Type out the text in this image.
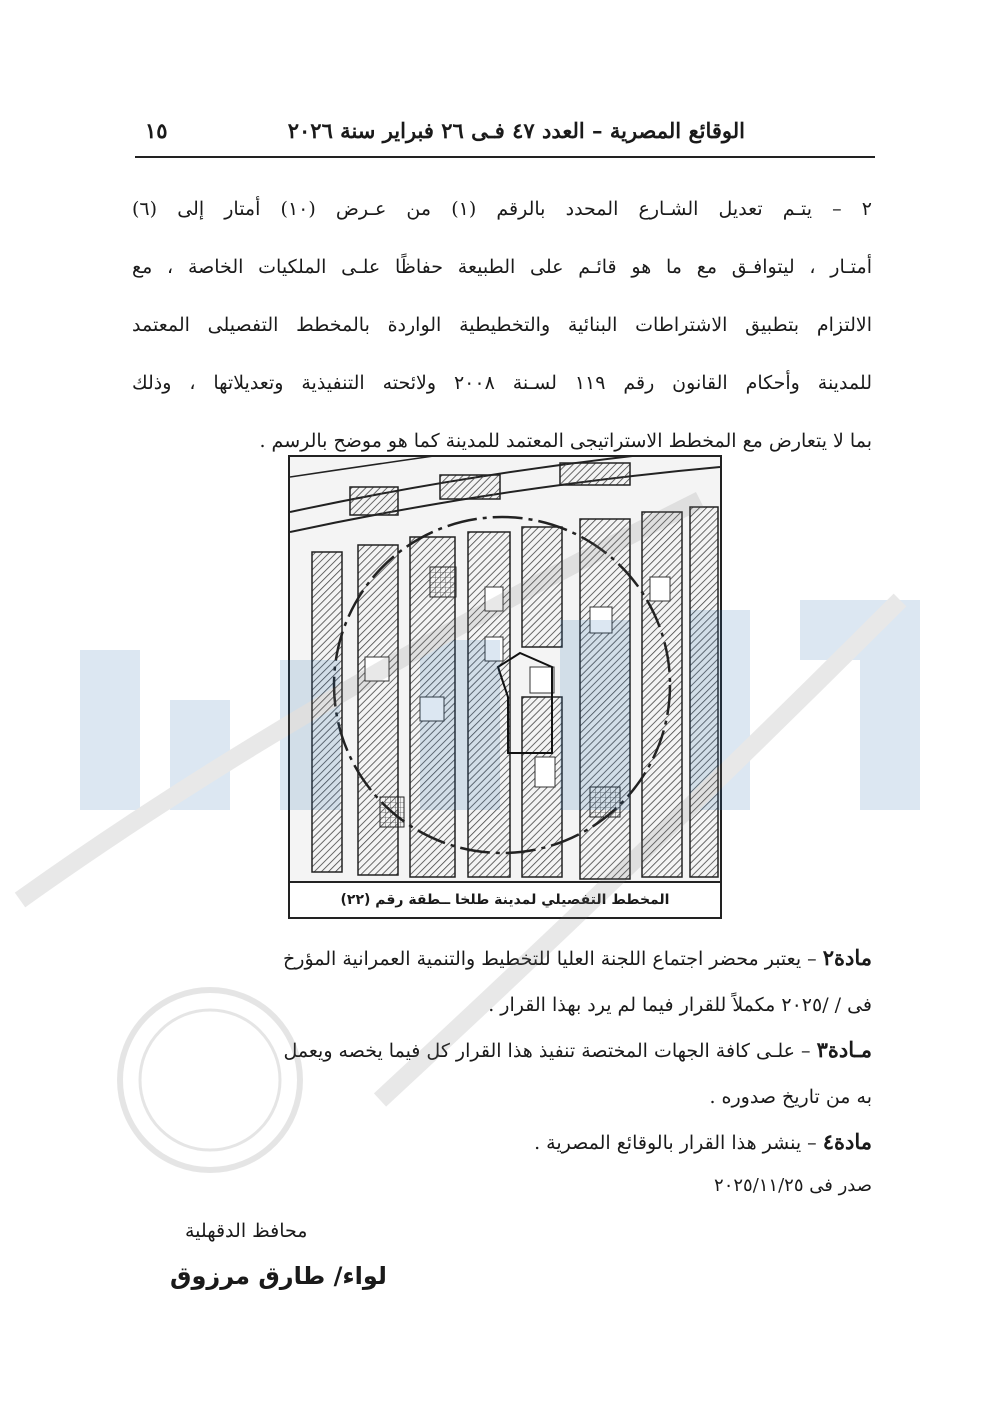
الوقائع المصرية – العدد ٤٧ فـى ٢٦ فبراير سنة ٢٠٢٦
١٥
٢ – يتـم تعديل الشـارع المحدد بالرقم (١) من عـرض (١٠) أمتار إلى (٦)
أمتـار ، ليتوافـق مع ما هو قائـم على الطبيعة حفاظًا علـى الملكيات الخاصة ، مع
الالتزام بتطبيق الاشتراطات البنائية والتخطيطية الواردة بالمخطط التفصيلى المعتمد
للمدينة وأحكام القانون رقم ١١٩ لسـنة ٢٠٠٨ ولائحته التنفيذية وتعديلاتها ، وذلك
بما لا يتعارض مع المخطط الاستراتيجى المعتمد للمدينة كما هو موضح بالرسم .
المخطط التفصيلي لمدينة طلخا ــطقة رقم (٢٢)
مادة٢ – يعتبر محضر اجتماع اللجنة العليا للتخطيط والتنمية العمرانية المؤرخ
فى / /٢٠٢٥ مكملاً للقرار فيما لم يرد بهذا القرار .
مـادة٣ – علـى كافة الجهات المختصة تنفيذ هذا القرار كل فيما يخصه ويعمل
به من تاريخ صدوره .
مادة٤ – ينشر هذا القرار بالوقائع المصرية .
صدر فى ٢٠٢٥/١١/٢٥
محافظ الدقهلية
لواء/ طارق مرزوق
